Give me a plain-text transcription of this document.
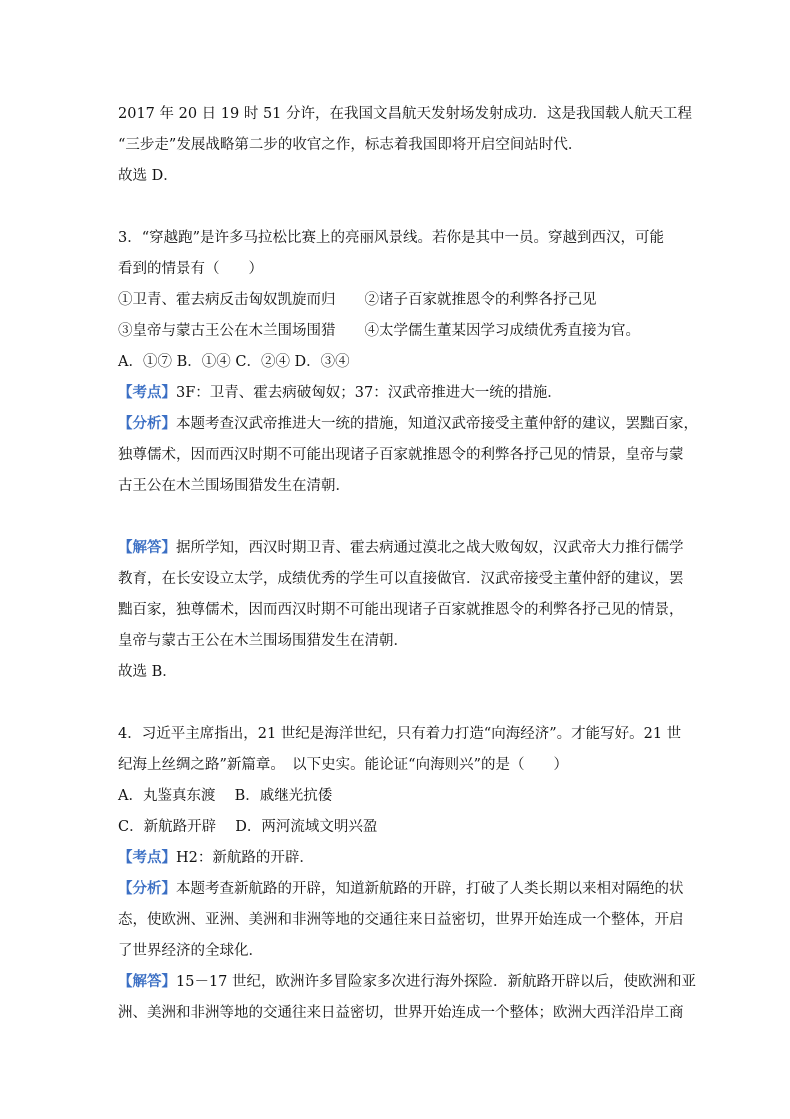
2017 年 20 日 19 时 51 分许，在我国文昌航天发射场发射成功．这是我国载人航天工程
“三步走”发展战略第二步的收官之作，标志着我国即将开启空间站时代．
故选 D．
3．“穿越跑”是许多马拉松比赛上的亮丽风景线。若你是其中一员。穿越到西汉，可能
看到的情景有（　　）
①卫青、霍去病反击匈奴凯旋而归　　②诸子百家就推恩令的利弊各抒己见
③皇帝与蒙古王公在木兰围场围猎　　④太学儒生董某因学习成绩优秀直接为官。
A．①⑦ B．①④ C．②④ D．③④
【考点】3F：卫青、霍去病破匈奴；37：汉武帝推进大一统的措施．
【分析】本题考查汉武帝推进大一统的措施，知道汉武帝接受主董仲舒的建议，罢黜百家，
独尊儒术，因而西汉时期不可能出现诸子百家就推恩令的利弊各抒己见的情景，皇帝与蒙
古王公在木兰围场围猎发生在清朝．
【解答】据所学知，西汉时期卫青、霍去病通过漠北之战大败匈奴，汉武帝大力推行儒学
教育，在长安设立太学，成绩优秀的学生可以直接做官．汉武帝接受主董仲舒的建议，罢
黜百家，独尊儒术，因而西汉时期不可能出现诸子百家就推恩令的利弊各抒己见的情景，
皇帝与蒙古王公在木兰围场围猎发生在清朝．
故选 B．
4．习近平主席指出，21 世纪是海洋世纪，只有着力打造“向海经济”。才能写好。21 世
纪海上丝绸之路”新篇章。　以下史实。能论证“向海则兴”的是（　　）
A．丸鉴真东渡　 B．戚继光抗倭
C．新航路开辟　 D．两河流域文明兴盈
【考点】H2：新航路的开辟．
【分析】本题考查新航路的开辟，知道新航路的开辟，打破了人类长期以来相对隔绝的状
态，使欧洲、亚洲、美洲和非洲等地的交通往来日益密切，世界开始连成一个整体，开启
了世界经济的全球化．
【解答】15－17 世纪，欧洲许多冒险家多次进行海外探险．新航路开辟以后，使欧洲和亚
洲、美洲和非洲等地的交通往来日益密切，世界开始连成一个整体；欧洲大西洋沿岸工商
